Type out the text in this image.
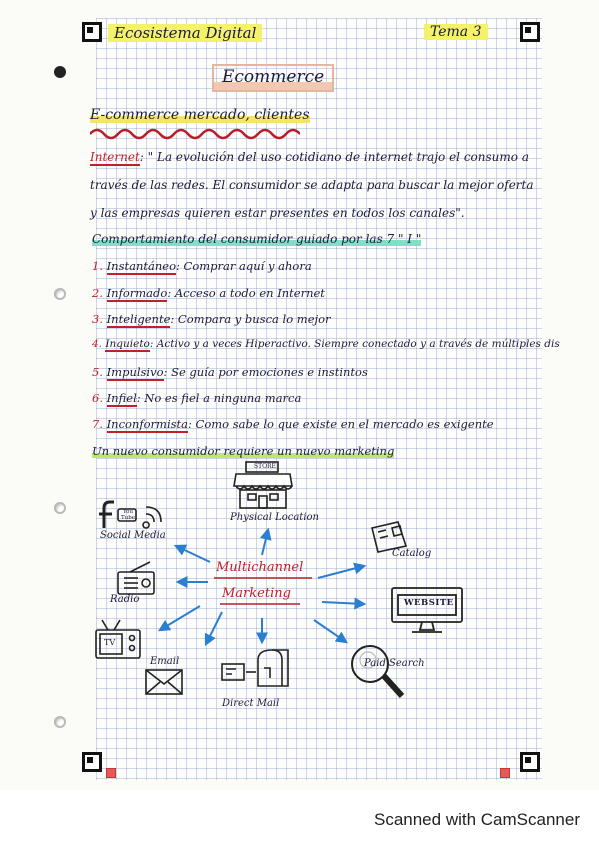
Ecosistema Digital	Tema 3
Ecommerce
E-commerce mercado, clientes
Internet: " La evolución del uso cotidiano de internet trajo el consumo a
través de las redes. El consumidor se adapta para buscar la mejor oferta
y las empresas quieren estar presentes en todos los canales".
Comportamiento del consumidor guiado por las 7 " I "
1. Instantáneo: Comprar aquí y ahora
2. Informado: Acceso a todo en Internet
3. Inteligente: Compara y busca lo mejor
4. Inquieto: Activo y a veces Hiperactivo. Siempre conectado y a través de múltiples dis
5. Impulsivo: Se guía por emociones e instintos
6. Infiel: No es fiel a ninguna marca
7. Inconformista: Como sabe lo que existe en el mercado es exigente
Un nuevo consumidor requiere un nuevo marketing
Physical Location
STORE
Social Media
You Tube
Catalog
Radio	WEBSITE
TV
Email
Direct Mail
Paid Search
Multichannel
Marketing
Scanned with CamScanner
